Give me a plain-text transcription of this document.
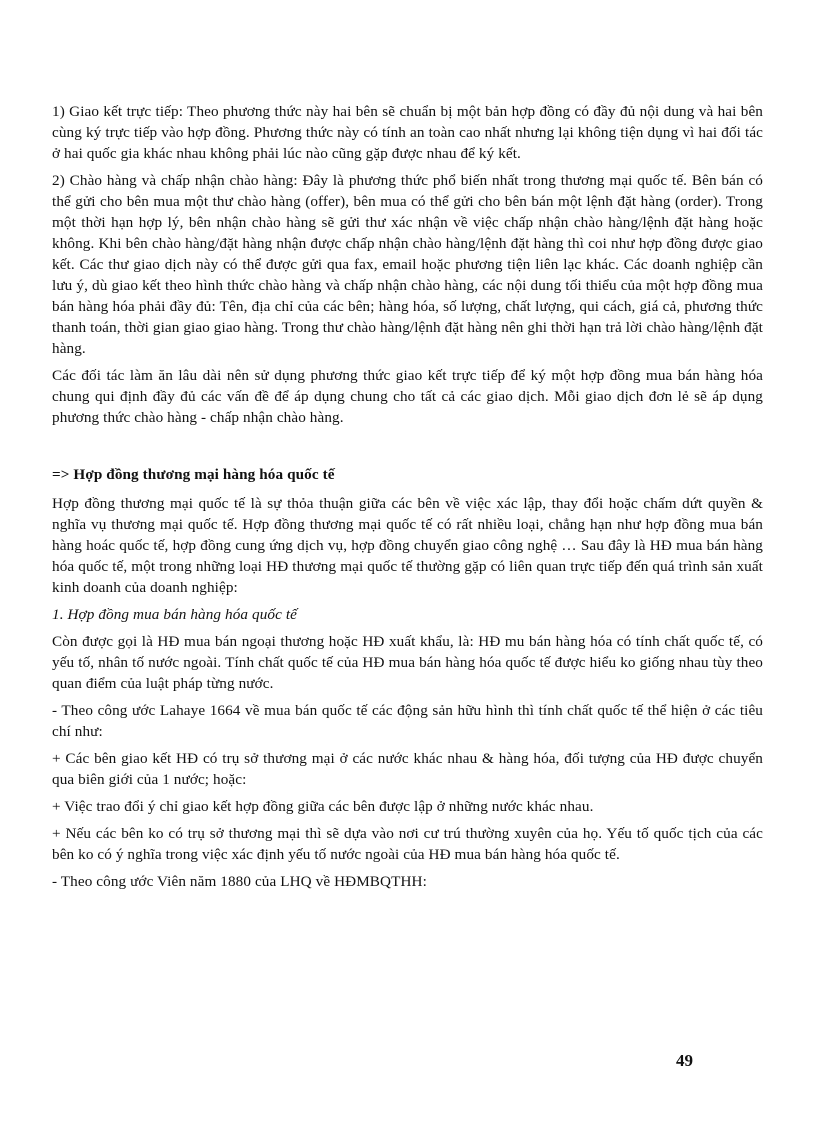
1) Giao kết trực tiếp: Theo phương thức này hai bên sẽ chuẩn bị một bản hợp đồng có đầy đủ nội dung và hai bên cùng ký trực tiếp vào hợp đồng. Phương thức này có tính an toàn cao nhất nhưng lại không tiện dụng vì hai đối tác ở hai quốc gia khác nhau không phải lúc nào cũng gặp được nhau để ký kết.

2) Chào hàng và chấp nhận chào hàng: Đây là phương thức phổ biến nhất trong thương mại quốc tế. Bên bán có thể gửi cho bên mua một thư chào hàng (offer), bên mua có thể gửi cho bên bán một lệnh đặt hàng (order). Trong một thời hạn hợp lý, bên nhận chào hàng sẽ gửi thư xác nhận về việc chấp nhận chào hàng/lệnh đặt hàng hoặc không. Khi bên chào hàng/đặt hàng nhận được chấp nhận chào hàng/lệnh đặt hàng thì coi như hợp đồng được giao kết. Các thư giao dịch này có thể được gửi qua fax, email hoặc phương tiện liên lạc khác. Các doanh nghiệp cần lưu ý, dù giao kết theo hình thức chào hàng và chấp nhận chào hàng, các nội dung tối thiểu của một hợp đồng mua bán hàng hóa phải đầy đủ: Tên, địa chỉ của các bên; hàng hóa, số lượng, chất lượng, qui cách, giá cả, phương thức thanh toán, thời gian giao giao hàng. Trong thư chào hàng/lệnh đặt hàng nên ghi thời hạn trả lời chào hàng/lệnh đặt hàng.

Các đối tác làm ăn lâu dài nên sử dụng phương thức giao kết trực tiếp để ký một hợp đồng mua bán hàng hóa chung qui định đầy đủ các vấn đề để áp dụng chung cho tất cả các giao dịch. Mỗi giao dịch đơn lẻ sẽ áp dụng phương thức chào hàng - chấp nhận chào hàng.

=> Hợp đồng thương mại hàng hóa quốc tế

Hợp đồng thương mại quốc tế là sự thỏa thuận giữa các bên về việc xác lập, thay đổi hoặc chấm dứt quyền & nghĩa vụ thương mại quốc tế. Hợp đồng thương mại quốc tế có rất nhiều loại, chẳng hạn như hợp đồng mua bán hàng hoác quốc tế, hợp đồng cung ứng dịch vụ, hợp đồng chuyển giao công nghệ … Sau đây là HĐ mua bán hàng hóa quốc tế, một trong những loại HĐ thương mại quốc tế thường gặp có liên quan trực tiếp đến quá trình sản xuất kinh doanh của doanh nghiệp:

1. Hợp đồng mua bán hàng hóa quốc tế

Còn được gọi là HĐ mua bán ngoại thương hoặc HĐ xuất khẩu, là: HĐ mu bán hàng hóa có tính chất quốc tế, có yếu tố, nhân tố nước ngoài. Tính chất quốc tế của HĐ mua bán hàng hóa quốc tế được hiểu ko giống nhau tùy theo quan điểm của luật pháp từng nước.

- Theo công ước Lahaye 1664 về mua bán quốc tế các động sản hữu hình thì tính chất quốc tế thể hiện ở các tiêu chí như:

+ Các bên giao kết HĐ có trụ sở thương mại ở các nước khác nhau & hàng hóa, đối tượng của HĐ được chuyển qua biên giới của 1 nước; hoặc:

+ Việc trao đổi ý chỉ giao kết hợp đồng giữa các bên được lập ở những nước khác nhau.

+ Nếu các bên ko có trụ sở thương mại thì sẽ dựa vào nơi cư trú thường xuyên của họ. Yếu tố quốc tịch của các bên ko có ý nghĩa trong việc xác định yếu tố nước ngoài của HĐ mua bán hàng hóa quốc tế.

- Theo công ước Viên năm 1880 của LHQ về HĐMBQTHH:

49
